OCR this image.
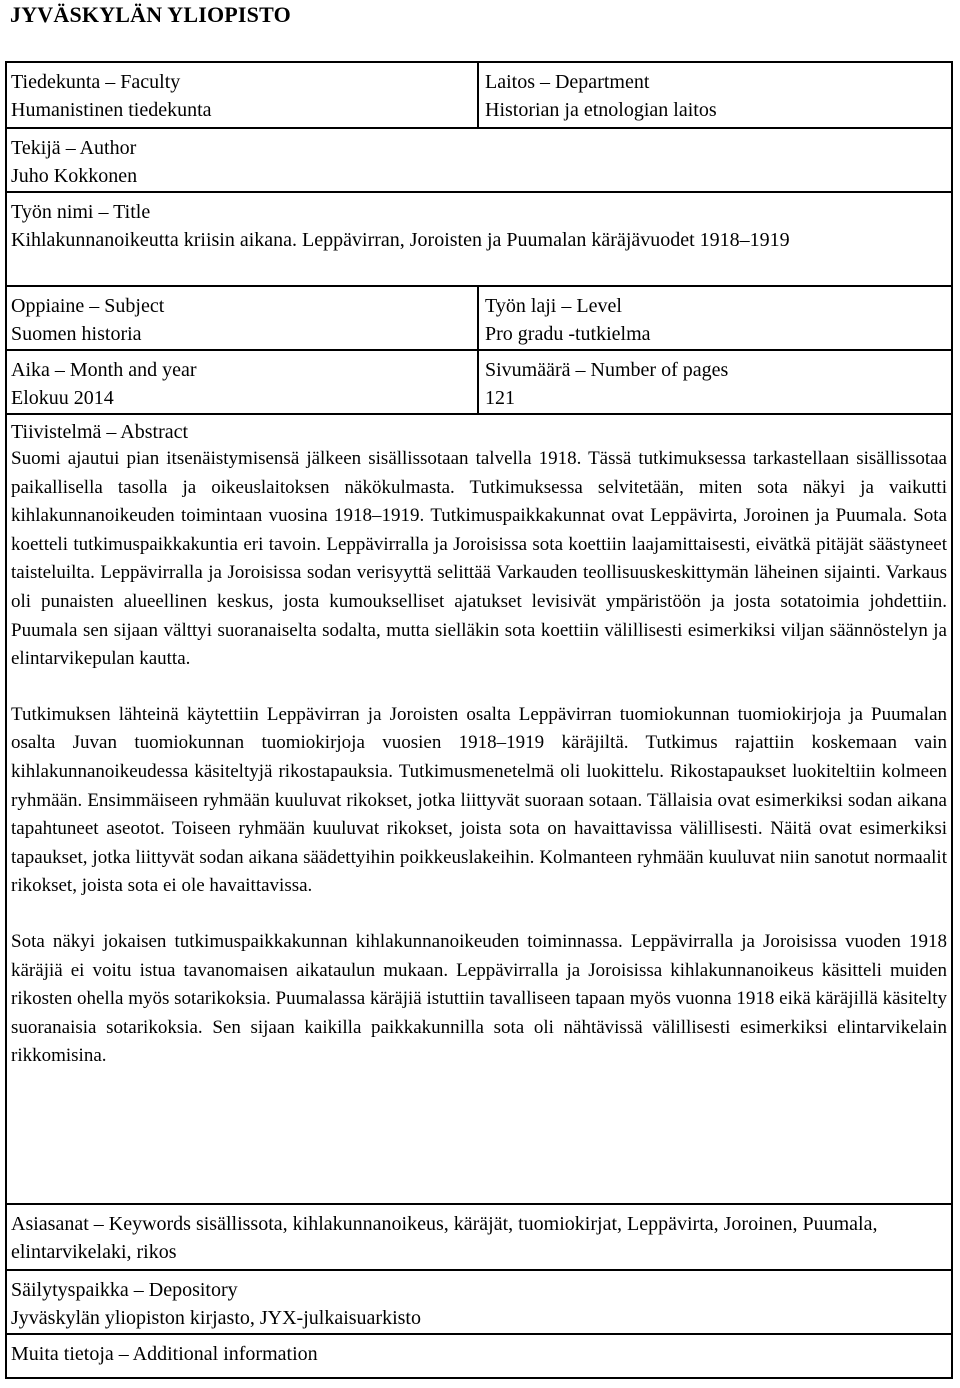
JYVÄSKYLÄN YLIOPISTO
Tiedekunta – Faculty
Humanistinen tiedekunta
Laitos – Department
Historian ja etnologian laitos
Tekijä – Author
Juho Kokkonen
Työn nimi – Title
Kihlakunnanoikeutta kriisin aikana. Leppävirran, Joroisten ja Puumalan käräjävuodet 1918–1919
Oppiaine – Subject
Suomen historia
Työn laji – Level
Pro gradu -tutkielma
Aika – Month and year
Elokuu 2014
Sivumäärä – Number of pages
121
Tiivistelmä – Abstract

Suomi ajautui pian itsenäistymisensä jälkeen sisällissotaan talvella 1918. Tässä tutkimuksessa tarkastellaan sisällissotaa paikallisella tasolla ja oikeuslaitoksen näkökulmasta. Tutkimuksessa selvitetään, miten sota näkyi ja vaikutti kihlakunnanoikeuden toimintaan vuosina 1918–1919. Tutkimuspaikkakunnat ovat Leppävirta, Joroinen ja Puumala. Sota koetteli tutkimuspaikkakuntia eri tavoin. Leppävirralla ja Joroisissa sota koettiin laajamittaisesti, eivätkä pitäjät säästyneet taisteluilta. Leppävirralla ja Joroisissa sodan verisyyttä selittää Varkauden teollisuuskeskittymän läheinen sijainti. Varkaus oli punaisten alueellinen keskus, josta kumoukselliset ajatukset levisivät ympäristöön ja josta sotatoimia johdettiin. Puumala sen sijaan välttyi suoranaiselta sodalta, mutta sielläkin sota koettiin välillisesti esimerkiksi viljan säännöstelyn ja elintarvikepulan kautta.

Tutkimuksen lähteinä käytettiin Leppävirran ja Joroisten osalta Leppävirran tuomiokunnan tuomiokirjoja ja Puumalan osalta Juvan tuomiokunnan tuomiokirjoja vuosien 1918–1919 käräjiltä. Tutkimus rajattiin koskemaan vain kihlakunnanoikeudessa käsiteltyjä rikostapauksia. Tutkimusmenetelmä oli luokittelu. Rikostapaukset luokiteltiin kolmeen ryhmään. Ensimmäiseen ryhmään kuuluvat rikokset, jotka liittyvät suoraan sotaan. Tällaisia ovat esimerkiksi sodan aikana tapahtuneet aseotot. Toiseen ryhmään kuuluvat rikokset, joista sota on havaittavissa välillisesti. Näitä ovat esimerkiksi tapaukset, jotka liittyvät sodan aikana säädettyihin poikkeuslakeihin. Kolmanteen ryhmään kuuluvat niin sanotut normaalit rikokset, joista sota ei ole havaittavissa.

Sota näkyi jokaisen tutkimuspaikkakunnan kihlakunnanoikeuden toiminnassa. Leppävirralla ja Joroisissa vuoden 1918 käräjiä ei voitu istua tavanomaisen aikataulun mukaan. Leppävirralla ja Joroisissa kihlakunnanoikeus käsitteli muiden rikosten ohella myös sotarikoksia. Puumalassa käräjiä istuttiin tavalliseen tapaan myös vuonna 1918 eikä käräjillä käsitelty suoranaisia sotarikoksia. Sen sijaan kaikilla paikkakunnilla sota oli nähtävissä välillisesti esimerkiksi elintarvikelain rikkomisina.

Asiasanat – Keywords sisällissota, kihlakunnanoikeus, käräjät, tuomiokirjat, Leppävirta, Joroinen, Puumala, elintarvikelaki, rikos
Säilytyspaikka – Depository
Jyväskylän yliopiston kirjasto, JYX-julkaisuarkisto
Muita tietoja – Additional information
